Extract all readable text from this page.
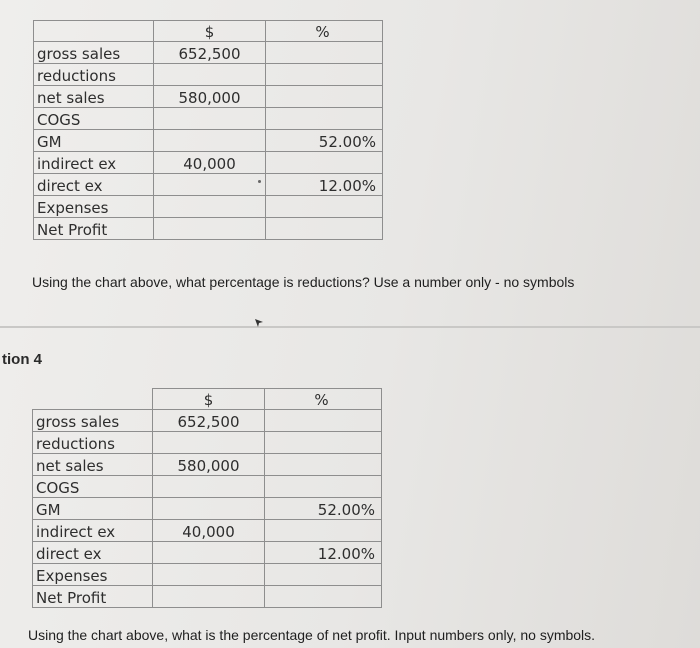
	$	%
gross sales	652,500	
reductions		
net sales	580,000	
COGS		
GM		52.00%
indirect ex	40,000	
direct ex		12.00%
Expenses		
Net Profit		
Using the chart above, what percentage is reductions? Use a number only - no symbols
tion 4
	$	%
gross sales	652,500	
reductions		
net sales	580,000	
COGS		
GM		52.00%
indirect ex	40,000	
direct ex		12.00%
Expenses		
Net Profit		
Using the chart above, what is the percentage of net profit. Input numbers only, no symbols.
